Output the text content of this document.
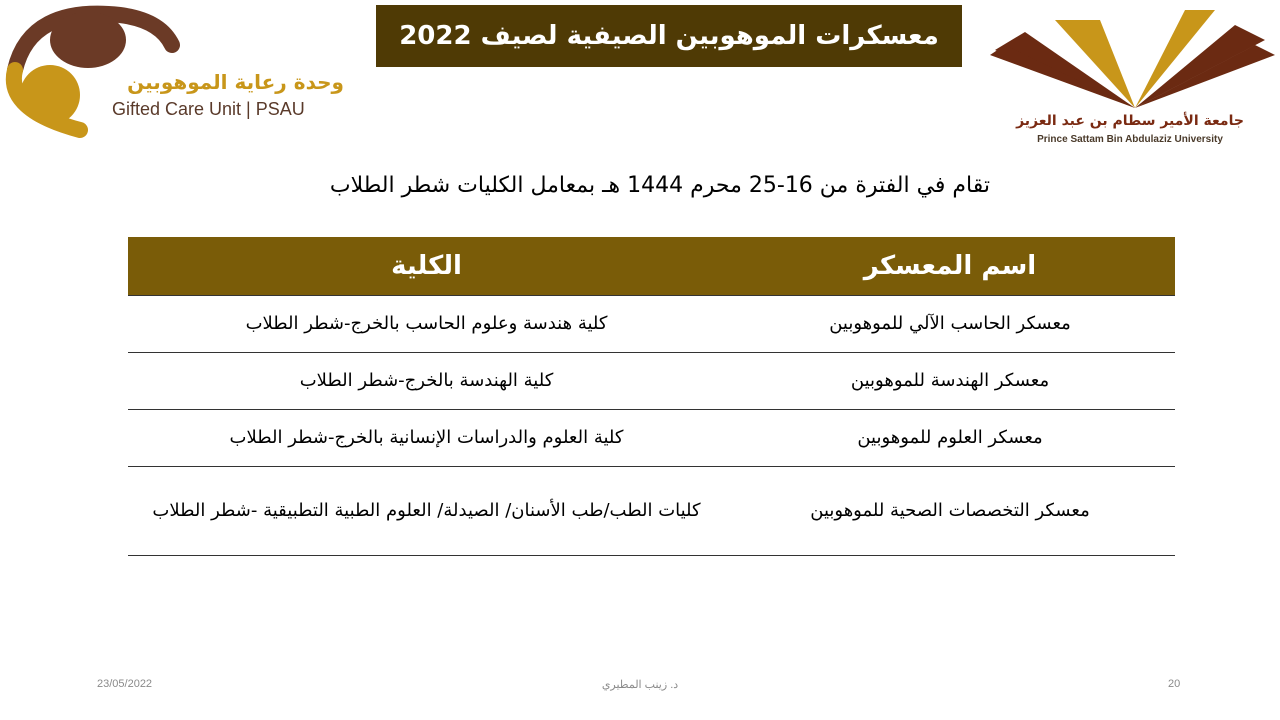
وحدة رعاية الموهوبين
Gifted Care Unit | PSAU
معسكرات الموهوبين الصيفية لصيف 2022
جامعة الأمير سطام بن عبد العزيز
Prince Sattam Bin Abdulaziz University
تقام في الفترة من 16-25 محرم 1444 هـ بمعامل الكليات شطر الطلاب
اسم المعسكر	الكلية
معسكر الحاسب الآلي للموهوبين	كلية هندسة وعلوم الحاسب بالخرج-شطر الطلاب
معسكر الهندسة للموهوبين	كلية الهندسة بالخرج-شطر الطلاب
معسكر العلوم للموهوبين	كلية العلوم والدراسات الإنسانية بالخرج-شطر الطلاب
معسكر التخصصات الصحية للموهوبين	كليات الطب/طب الأسنان/ الصيدلة/ العلوم الطبية التطبيقية -شطر الطلاب
23/05/2022	د. زينب المطيري	20
